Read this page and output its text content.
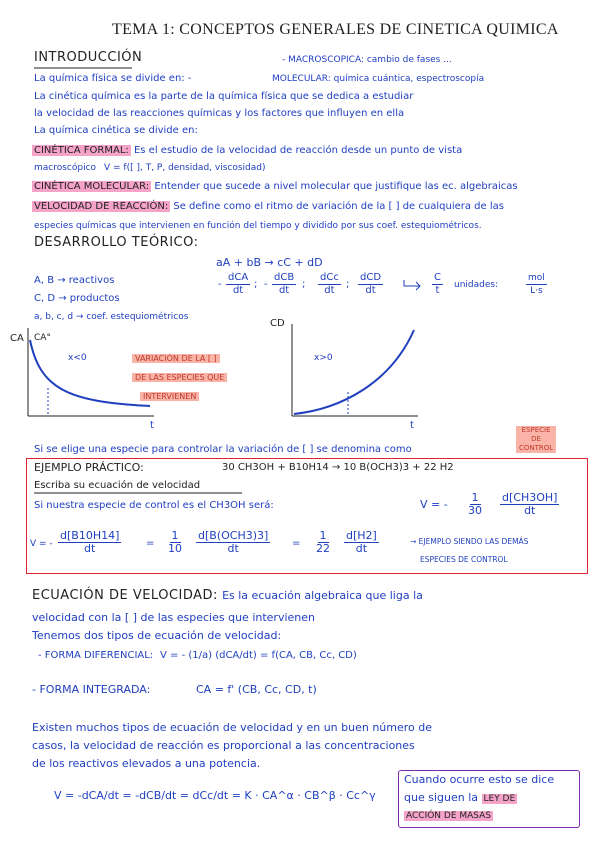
TEMA 1: CONCEPTOS GENERALES DE CINETICA QUIMICA
INTRODUCCIÓN	- MACROSCOPICA: cambio de fases ...
La química física se divide en: -	MOLECULAR: química cuántica, espectroscopía
La cinética química es la parte de la química física que se dedica a estudiar
la velocidad de las reacciones químicas y los factores que influyen en ella
La química cinética se divide en:
CINÉTICA FORMAL: Es el estudio de la velocidad de reacción desde un punto de vista
macroscópico V = f([ ], T, P, densidad, viscosidad)
CINÉTICA MOLECULAR: Entender que sucede a nivel molecular que justifique las ec. algebraicas
VELOCIDAD DE REACCIÓN: Se define como el ritmo de variación de la [ ] de cualquiera de las
especies químicas que intervienen en función del tiempo y dividido por sus coef. estequiométricos.
DESARROLLO TEÓRICO:
aA + bB → cC + dD
A, B → reactivos
C, D → productos
a, b, c, d → coef. estequiométricos
-
dCA
dt
; -
dCB
dt
;
dCc
dt
;
dCD
dt	$\frac{C}{t}$ unidades:
mol
L·s
CA CA°
x<0
t
VARIACIÓN DE LA [ ]
DE LAS ESPECIES QUE
INTERVIENEN
CD
x>0
t
Si se elige una especie para controlar la variación de [ ] se denomina como
ESPECIE
DE
CONTROL
EJEMPLO PRÁCTICO:	30 CH3OH + B10H14 → 10 B(OCH3)3 + 22 H2
Escriba su ecuación de velocidad
Si nuestra especie de control es el CH3OH será:	V = - $\frac{1}{30} \frac{d[CH3OH]}{dt}$
V = - $\frac{d[B10H14]}{dt} = \frac{1}{10} d[B(OCH3)3]$
dt	= $\frac{1}{22} \frac{d[H2]}{dt}$	→ EJEMPLO SIENDO LAS DEMÁS
ESPECIES DE CONTROL
ECUACIÓN DE VELOCIDAD: Es la ecuación algebraica que liga la
velocidad con la [ ] de las especies que intervienen
Tenemos dos tipos de ecuación de velocidad:
- FORMA DIFERENCIAL: V = - (1/a) (dCA/dt) = f(CA, CB, Cc, CD)
- FORMA INTEGRADA:	CA = f' (CB, Cc, CD, t)
Existen muchos tipos de ecuación de velocidad y en un buen número de
casos, la velocidad de reacción es proporcional a las concentraciones
de los reactivos elevados a una potencia.
V = -dCA/dt = -dCB/dt = dCc/dt = K · CA^α · CB^β · Cc^γ
Cuando ocurre esto se dice
que siguen la LEY DE
ACCIÓN DE MASAS
